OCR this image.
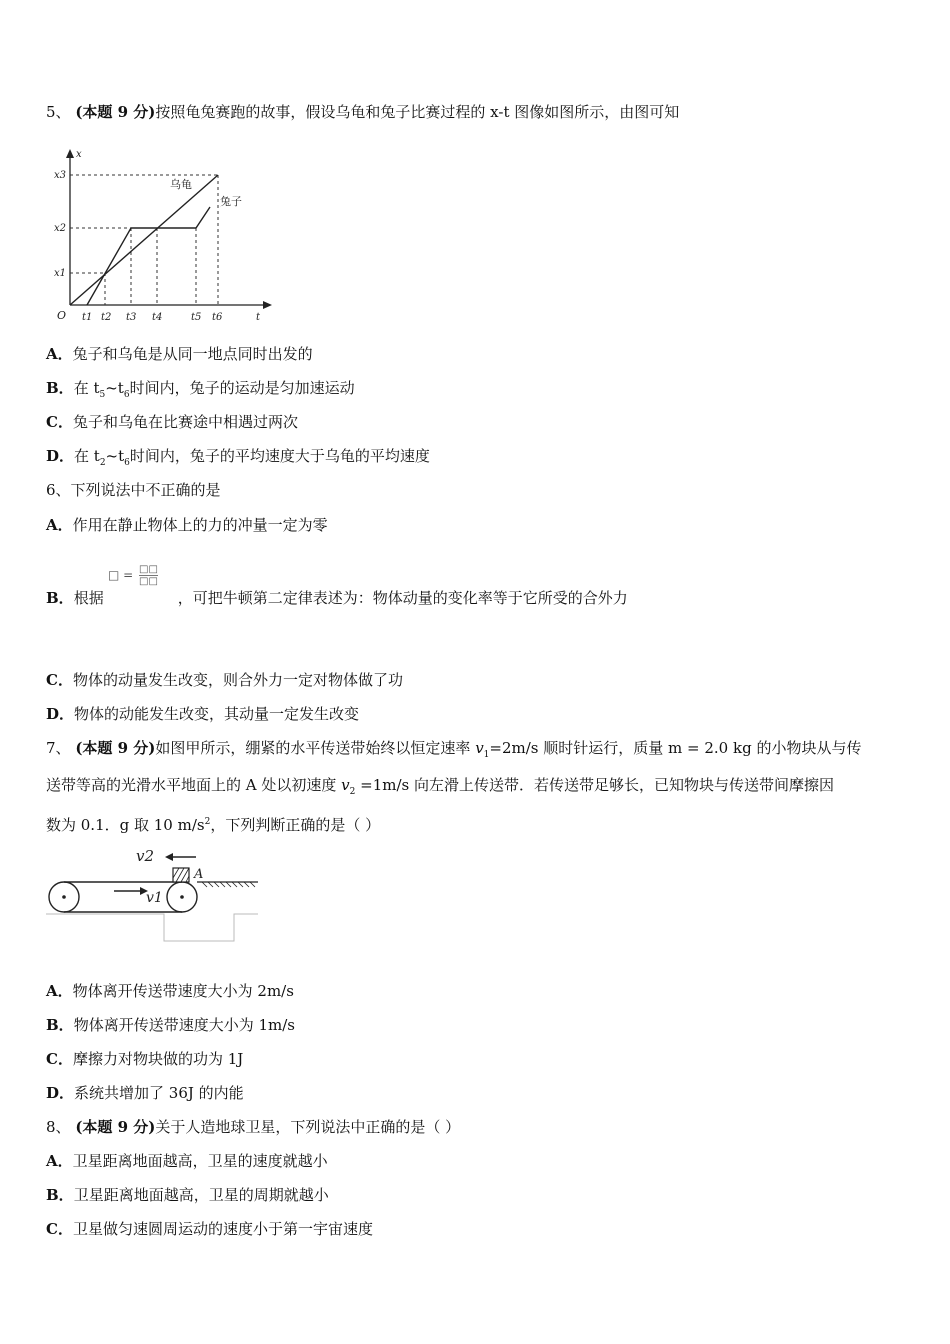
5、 (本题 9 分)按照龟兔赛跑的故事，假设乌龟和兔子比赛过程的 x-t 图像如图所示，由图可知
x
t
O
x3
x2
x1
t1 t2 t3 t4	t5 t6
乌龟
兔子
A．兔子和乌龟是从同一地点同时出发的
B．在 $t_5\sim t_6$时间内，兔子的运动是匀加速运动
C．兔子和乌龟在比赛途中相遇过两次
D．在 $t_2\sim t_6$时间内，兔子的平均速度大于乌龟的平均速度
6、下列说法中不正确的是
A．作用在静止物体上的力的冲量一定为零
□ = □□
□□
B．根据	，可把牛顿第二定律表述为：物体动量的变化率等于它所受的合外力
C．物体的动量发生改变，则合外力一定对物体做了功
D．物体的动能发生改变，其动量一定发生改变
7、 (本题 9 分)如图甲所示，绷紧的水平传送带始终以恒定速率 $v_1=2m/s$ 顺时针运行，质量 m = 2.0 kg 的小物块从与传
送带等高的光滑水平地面上的 A 处以初速度 $v_2 =1m/s$ 向左滑上传送带．若传送带足够长，已知物块与传送带间摩擦因
数为 0.1．g 取 10 $m/s^2$，下列判断正确的是（ ）
v1
A
v2
A．物体离开传送带速度大小为 2m/s
B．物体离开传送带速度大小为 1m/s
C．摩擦力对物块做的功为 1J
D．系统共增加了 36J 的内能
8、 (本题 9 分)关于人造地球卫星，下列说法中正确的是（ ）
A．卫星距离地面越高，卫星的速度就越小
B．卫星距离地面越高，卫星的周期就越小
C．卫星做匀速圆周运动的速度小于第一宇宙速度
